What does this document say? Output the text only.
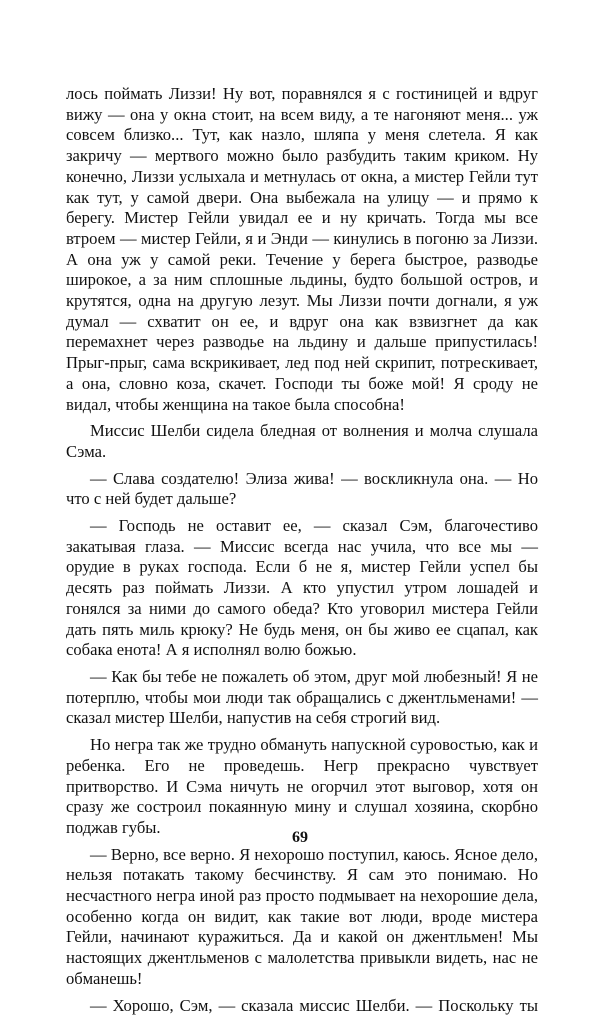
лось поймать Лиззи! Ну вот, поравнялся я с гостиницей и вдруг вижу — она у окна стоит, на всем виду, а те нагоняют меня... уж совсем близко... Тут, как назло, шляпа у меня слетела. Я как закричу — мертвого можно было разбудить таким криком. Ну конечно, Лиззи услыхала и метнулась от окна, а мистер Гейли тут как тут, у самой двери. Она выбежала на улицу — и прямо к берегу. Мистер Гейли увидал ее и ну кричать. Тогда мы все втроем — мистер Гейли, я и Энди — кинулись в погоню за Лиззи. А она уж у самой реки. Течение у берега быстрое, разводье широкое, а за ним сплошные льдины, будто большой остров, и крутятся, одна на другую лезут. Мы Лиззи почти догнали, я уж думал — схватит он ее, и вдруг она как взвизгнет да как перемахнет через разводье на льдину и дальше припустилась! Прыг-прыг, сама вскрикивает, лед под ней скрипит, потрескивает, а она, словно коза, скачет. Господи ты боже мой! Я сроду не видал, чтобы женщина на такое была способна!

Миссис Шелби сидела бледная от волнения и молча слушала Сэма.

— Слава создателю! Элиза жива! — воскликнула она. — Но что с ней будет дальше?

— Господь не оставит ее, — сказал Сэм, благочестиво закатывая глаза. — Миссис всегда нас учила, что все мы — орудие в руках господа. Если б не я, мистер Гейли успел бы десять раз поймать Лиззи. А кто упустил утром лошадей и гонялся за ними до самого обеда? Кто уговорил мистера Гейли дать пять миль крюку? Не будь меня, он бы живо ее сцапал, как собака енота! А я исполнял волю божью.

— Как бы тебе не пожалеть об этом, друг мой любезный! Я не потерплю, чтобы мои люди так обращались с джентльменами! — сказал мистер Шелби, напустив на себя строгий вид.

Но негра так же трудно обмануть напускной суровостью, как и ребенка. Его не проведешь. Негр прекрасно чувствует притворство. И Сэма ничуть не огорчил этот выговор, хотя он сразу же состроил покаянную мину и слушал хозяина, скорбно поджав губы.

— Верно, все верно. Я нехорошо поступил, каюсь. Ясное дело, нельзя потакать такому бесчинству. Я сам это понимаю. Но несчастного негра иной раз просто подмывает на нехорошие дела, особенно когда он видит, как такие вот люди, вроде мистера Гейли, начинают куражиться. Да и какой он джентльмен! Мы настоящих джентльменов с малолетства привыкли видеть, нас не обманешь!

— Хорошо, Сэм, — сказала миссис Шелби. — Поскольку ты

69
